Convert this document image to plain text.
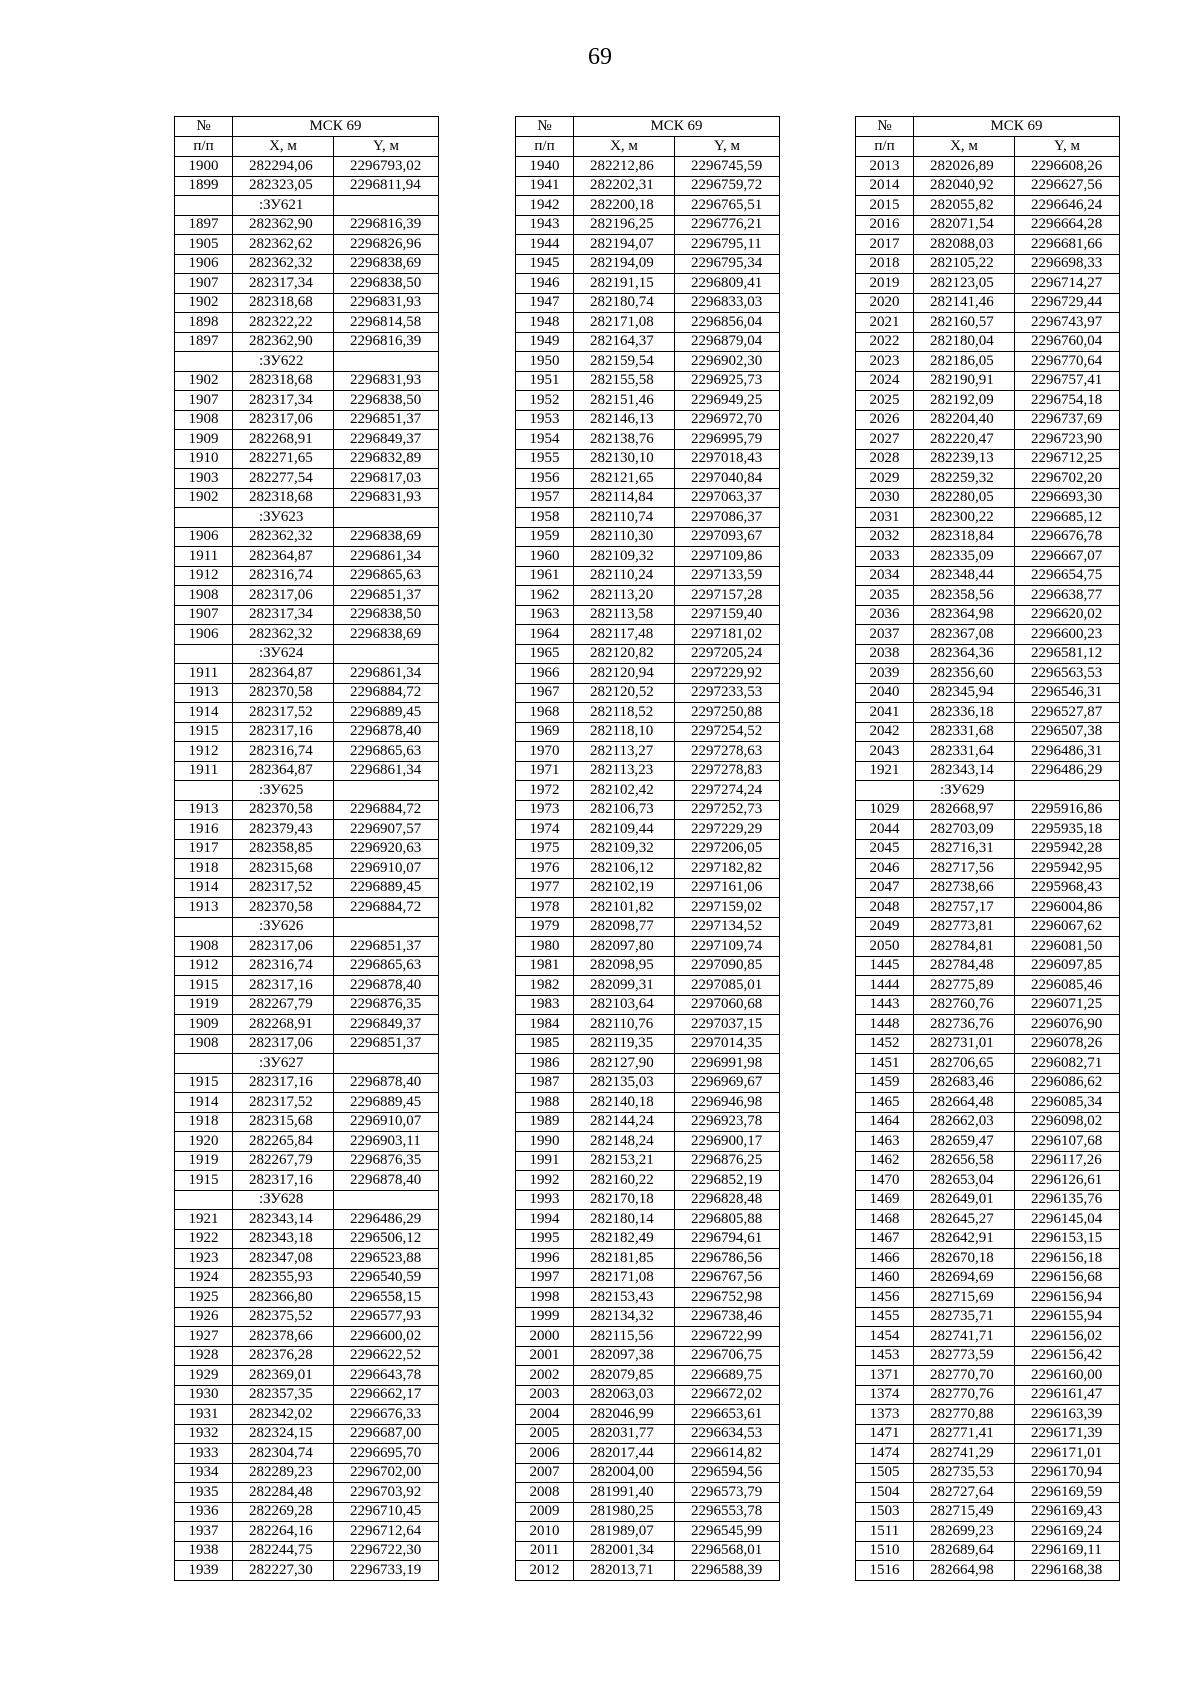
69
№	МСК 69	
п/п	Х, м	Y, м
1900	282294,06	2296793,02
1899	282323,05	2296811,94
	:ЗУ621	
1897	282362,90	2296816,39
1905	282362,62	2296826,96
1906	282362,32	2296838,69
1907	282317,34	2296838,50
1902	282318,68	2296831,93
1898	282322,22	2296814,58
1897	282362,90	2296816,39
	:ЗУ622	
1902	282318,68	2296831,93
1907	282317,34	2296838,50
1908	282317,06	2296851,37
1909	282268,91	2296849,37
1910	282271,65	2296832,89
1903	282277,54	2296817,03
1902	282318,68	2296831,93
	:ЗУ623	
1906	282362,32	2296838,69
1911	282364,87	2296861,34
1912	282316,74	2296865,63
1908	282317,06	2296851,37
1907	282317,34	2296838,50
1906	282362,32	2296838,69
	:ЗУ624	
1911	282364,87	2296861,34
1913	282370,58	2296884,72
1914	282317,52	2296889,45
1915	282317,16	2296878,40
1912	282316,74	2296865,63
1911	282364,87	2296861,34
	:ЗУ625	
1913	282370,58	2296884,72
1916	282379,43	2296907,57
1917	282358,85	2296920,63
1918	282315,68	2296910,07
1914	282317,52	2296889,45
1913	282370,58	2296884,72
	:ЗУ626	
1908	282317,06	2296851,37
1912	282316,74	2296865,63
1915	282317,16	2296878,40
1919	282267,79	2296876,35
1909	282268,91	2296849,37
1908	282317,06	2296851,37
	:ЗУ627	
1915	282317,16	2296878,40
1914	282317,52	2296889,45
1918	282315,68	2296910,07
1920	282265,84	2296903,11
1919	282267,79	2296876,35
1915	282317,16	2296878,40
	:ЗУ628	
1921	282343,14	2296486,29
1922	282343,18	2296506,12
1923	282347,08	2296523,88
1924	282355,93	2296540,59
1925	282366,80	2296558,15
1926	282375,52	2296577,93
1927	282378,66	2296600,02
1928	282376,28	2296622,52
1929	282369,01	2296643,78
1930	282357,35	2296662,17
1931	282342,02	2296676,33
1932	282324,15	2296687,00
1933	282304,74	2296695,70
1934	282289,23	2296702,00
1935	282284,48	2296703,92
1936	282269,28	2296710,45
1937	282264,16	2296712,64
1938	282244,75	2296722,30
1939	282227,30	2296733,19
№	МСК 69	
п/п	Х, м	Y, м
1940	282212,86	2296745,59
1941	282202,31	2296759,72
1942	282200,18	2296765,51
1943	282196,25	2296776,21
1944	282194,07	2296795,11
1945	282194,09	2296795,34
1946	282191,15	2296809,41
1947	282180,74	2296833,03
1948	282171,08	2296856,04
1949	282164,37	2296879,04
1950	282159,54	2296902,30
1951	282155,58	2296925,73
1952	282151,46	2296949,25
1953	282146,13	2296972,70
1954	282138,76	2296995,79
1955	282130,10	2297018,43
1956	282121,65	2297040,84
1957	282114,84	2297063,37
1958	282110,74	2297086,37
1959	282110,30	2297093,67
1960	282109,32	2297109,86
1961	282110,24	2297133,59
1962	282113,20	2297157,28
1963	282113,58	2297159,40
1964	282117,48	2297181,02
1965	282120,82	2297205,24
1966	282120,94	2297229,92
1967	282120,52	2297233,53
1968	282118,52	2297250,88
1969	282118,10	2297254,52
1970	282113,27	2297278,63
1971	282113,23	2297278,83
1972	282102,42	2297274,24
1973	282106,73	2297252,73
1974	282109,44	2297229,29
1975	282109,32	2297206,05
1976	282106,12	2297182,82
1977	282102,19	2297161,06
1978	282101,82	2297159,02
1979	282098,77	2297134,52
1980	282097,80	2297109,74
1981	282098,95	2297090,85
1982	282099,31	2297085,01
1983	282103,64	2297060,68
1984	282110,76	2297037,15
1985	282119,35	2297014,35
1986	282127,90	2296991,98
1987	282135,03	2296969,67
1988	282140,18	2296946,98
1989	282144,24	2296923,78
1990	282148,24	2296900,17
1991	282153,21	2296876,25
1992	282160,22	2296852,19
1993	282170,18	2296828,48
1994	282180,14	2296805,88
1995	282182,49	2296794,61
1996	282181,85	2296786,56
1997	282171,08	2296767,56
1998	282153,43	2296752,98
1999	282134,32	2296738,46
2000	282115,56	2296722,99
2001	282097,38	2296706,75
2002	282079,85	2296689,75
2003	282063,03	2296672,02
2004	282046,99	2296653,61
2005	282031,77	2296634,53
2006	282017,44	2296614,82
2007	282004,00	2296594,56
2008	281991,40	2296573,79
2009	281980,25	2296553,78
2010	281989,07	2296545,99
2011	282001,34	2296568,01
2012	282013,71	2296588,39
№	МСК 69	
п/п	Х, м	Y, м
2013	282026,89	2296608,26
2014	282040,92	2296627,56
2015	282055,82	2296646,24
2016	282071,54	2296664,28
2017	282088,03	2296681,66
2018	282105,22	2296698,33
2019	282123,05	2296714,27
2020	282141,46	2296729,44
2021	282160,57	2296743,97
2022	282180,04	2296760,04
2023	282186,05	2296770,64
2024	282190,91	2296757,41
2025	282192,09	2296754,18
2026	282204,40	2296737,69
2027	282220,47	2296723,90
2028	282239,13	2296712,25
2029	282259,32	2296702,20
2030	282280,05	2296693,30
2031	282300,22	2296685,12
2032	282318,84	2296676,78
2033	282335,09	2296667,07
2034	282348,44	2296654,75
2035	282358,56	2296638,77
2036	282364,98	2296620,02
2037	282367,08	2296600,23
2038	282364,36	2296581,12
2039	282356,60	2296563,53
2040	282345,94	2296546,31
2041	282336,18	2296527,87
2042	282331,68	2296507,38
2043	282331,64	2296486,31
1921	282343,14	2296486,29
	:ЗУ629	
1029	282668,97	2295916,86
2044	282703,09	2295935,18
2045	282716,31	2295942,28
2046	282717,56	2295942,95
2047	282738,66	2295968,43
2048	282757,17	2296004,86
2049	282773,81	2296067,62
2050	282784,81	2296081,50
1445	282784,48	2296097,85
1444	282775,89	2296085,46
1443	282760,76	2296071,25
1448	282736,76	2296076,90
1452	282731,01	2296078,26
1451	282706,65	2296082,71
1459	282683,46	2296086,62
1465	282664,48	2296085,34
1464	282662,03	2296098,02
1463	282659,47	2296107,68
1462	282656,58	2296117,26
1470	282653,04	2296126,61
1469	282649,01	2296135,76
1468	282645,27	2296145,04
1467	282642,91	2296153,15
1466	282670,18	2296156,18
1460	282694,69	2296156,68
1456	282715,69	2296156,94
1455	282735,71	2296155,94
1454	282741,71	2296156,02
1453	282773,59	2296156,42
1371	282770,70	2296160,00
1374	282770,76	2296161,47
1373	282770,88	2296163,39
1471	282771,41	2296171,39
1474	282741,29	2296171,01
1505	282735,53	2296170,94
1504	282727,64	2296169,59
1503	282715,49	2296169,43
1511	282699,23	2296169,24
1510	282689,64	2296169,11
1516	282664,98	2296168,38
